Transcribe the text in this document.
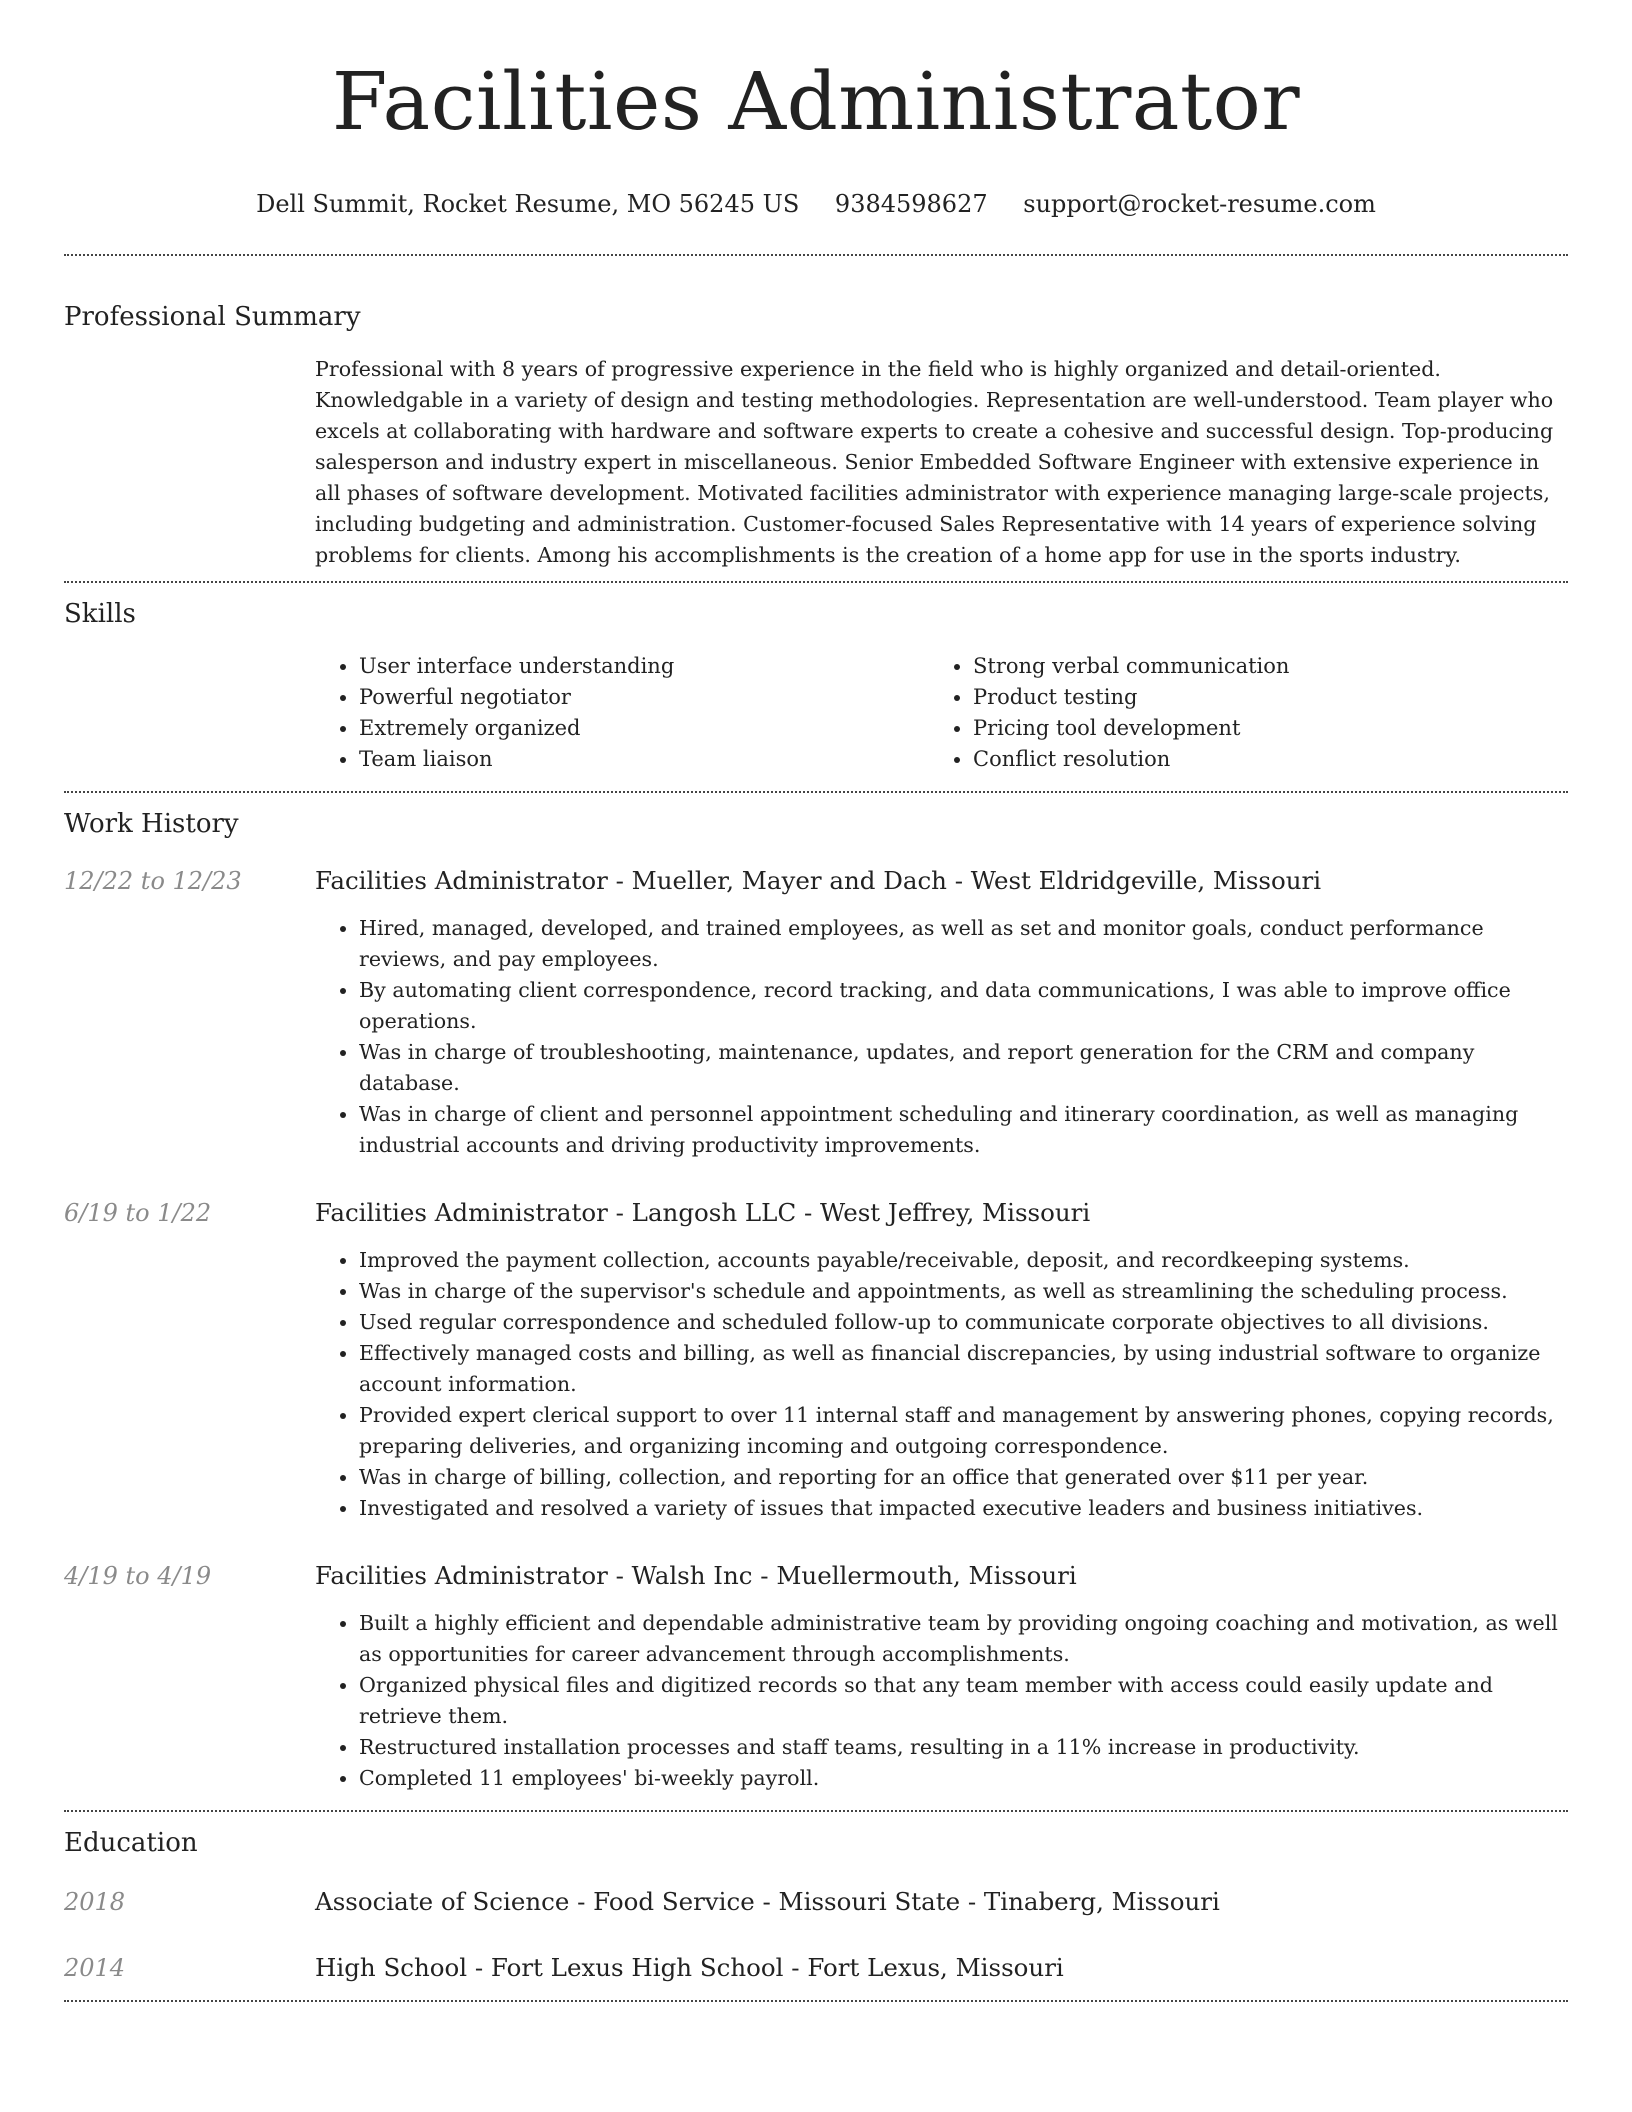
Facilities Administrator
Dell Summit, Rocket Resume, MO 56245 US 9384598627 support@rocket-resume.com
Professional Summary
Professional with 8 years of progressive experience in the field who is highly organized and detail-oriented. Knowledgable in a variety of design and testing methodologies. Representation are well-understood. Team player who excels at collaborating with hardware and software experts to create a cohesive and successful design. Top-producing salesperson and industry expert in miscellaneous. Senior Embedded Software Engineer with extensive experience in all phases of software development. Motivated facilities administrator with experience managing large-scale projects, including budgeting and administration. Customer-focused Sales Representative with 14 years of experience solving problems for clients. Among his accomplishments is the creation of a home app for use in the sports industry.
Skills
• User interface understanding
• Powerful negotiator
• Extremely organized
• Team liaison
• Strong verbal communication
• Product testing
• Pricing tool development
• Conflict resolution
Work History
12/22 to 12/23	Facilities Administrator - Mueller, Mayer and Dach - West Eldridgeville, Missouri
• Hired, managed, developed, and trained employees, as well as set and monitor goals, conduct performance reviews, and pay employees.
• By automating client correspondence, record tracking, and data communications, I was able to improve office operations.
• Was in charge of troubleshooting, maintenance, updates, and report generation for the CRM and company database.
• Was in charge of client and personnel appointment scheduling and itinerary coordination, as well as managing industrial accounts and driving productivity improvements.
6/19 to 1/22	Facilities Administrator - Langosh LLC - West Jeffrey, Missouri
• Improved the payment collection, accounts payable/receivable, deposit, and recordkeeping systems.
• Was in charge of the supervisor's schedule and appointments, as well as streamlining the scheduling process.
• Used regular correspondence and scheduled follow-up to communicate corporate objectives to all divisions.
• Effectively managed costs and billing, as well as financial discrepancies, by using industrial software to organize account information.
• Provided expert clerical support to over 11 internal staff and management by answering phones, copying records, preparing deliveries, and organizing incoming and outgoing correspondence.
• Was in charge of billing, collection, and reporting for an office that generated over $11 per year.
• Investigated and resolved a variety of issues that impacted executive leaders and business initiatives.
4/19 to 4/19	Facilities Administrator - Walsh Inc - Muellermouth, Missouri
• Built a highly efficient and dependable administrative team by providing ongoing coaching and motivation, as well as opportunities for career advancement through accomplishments.
• Organized physical files and digitized records so that any team member with access could easily update and retrieve them.
• Restructured installation processes and staff teams, resulting in a 11% increase in productivity.
• Completed 11 employees' bi-weekly payroll.
Education
2018	Associate of Science - Food Service - Missouri State - Tinaberg, Missouri
2014	High School - Fort Lexus High School - Fort Lexus, Missouri
